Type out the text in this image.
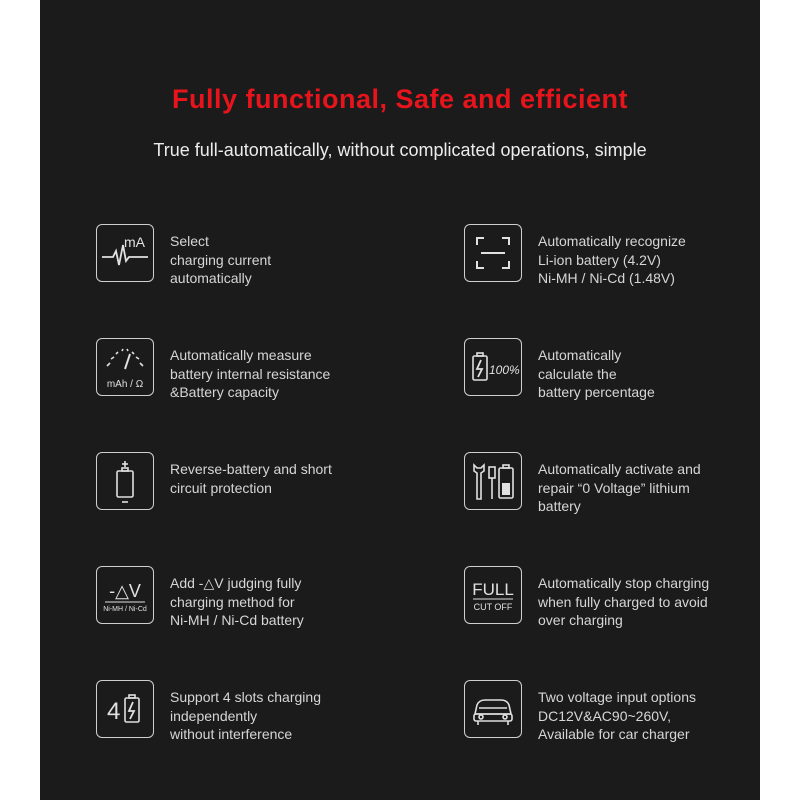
Fully functional, Safe and efficient
True full-automatically, without complicated operations, simple
mA Select
charging current
automatically
Automatically recognize
Li-ion battery (4.2V)
Ni-MH / Ni-Cd (1.48V)
mAh / Ω
Automatically measure
battery internal resistance
&Battery capacity
100%
Automatically
calculate the
battery percentage
Reverse-battery and short
circuit protection
Automatically activate and
repair “0 Voltage” lithium
battery
-△V
Ni-MH / Ni-Cd
Add -△V judging fully
charging method for
Ni-MH / Ni-Cd battery
FULL
CUT OFF
Automatically stop charging
when fully charged to avoid
over charging
4
Support 4 slots charging
independently
without interference
Two voltage input options
DC12V&AC90~260V,
Available for car charger
